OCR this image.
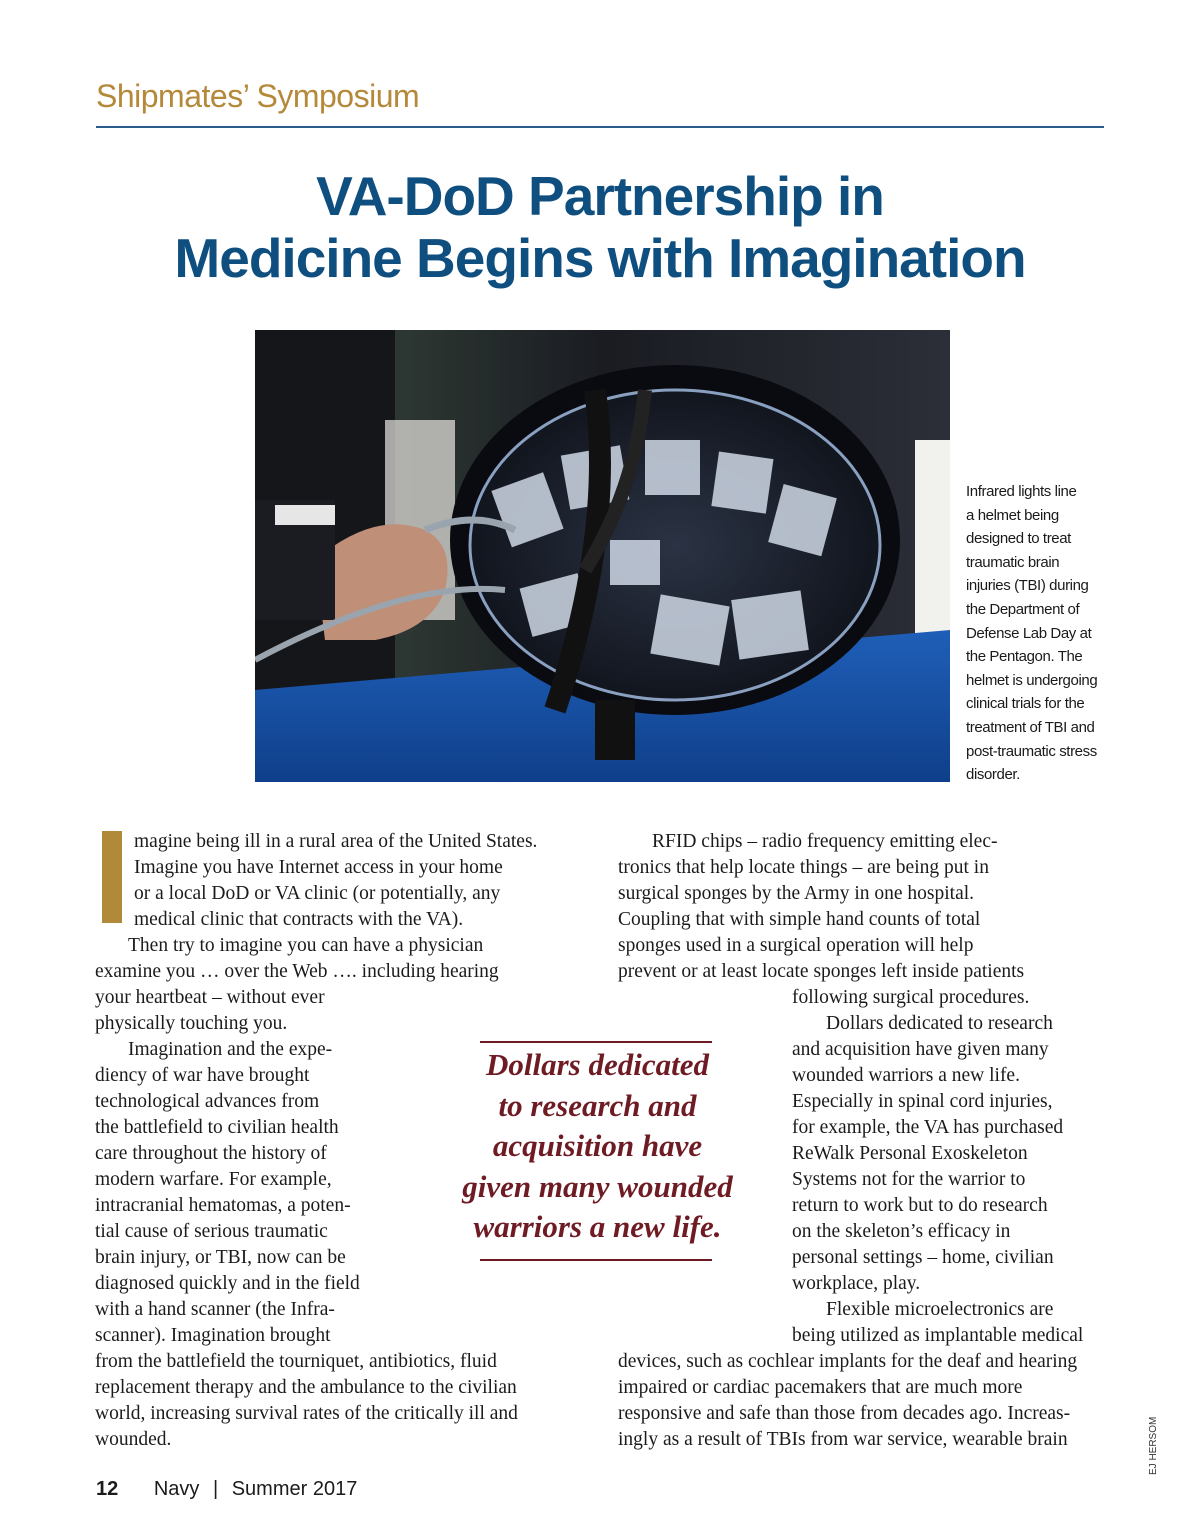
Shipmates’ Symposium
VA-DoD Partnership in
Medicine Begins with Imagination
Infrared lights line
a helmet being
designed to treat
traumatic brain
injuries (TBI) during
the Department of
Defense Lab Day at
the Pentagon. The
helmet is undergoing
clinical trials for the
treatment of TBI and
post-traumatic stress
disorder.
magine being ill in a rural area of the United States.
Imagine you have Internet access in your home
or a local DoD or VA clinic (or potentially, any
medical clinic that contracts with the VA).
Then try to imagine you can have a physician
examine you … over the Web …. including hearing
your heartbeat – without ever
physically touching you.
Imagination and the expe-
diency of war have brought
technological advances from
the battlefield to civilian health
care throughout the history of
modern warfare. For example,
intracranial hematomas, a poten-
tial cause of serious traumatic
brain injury, or TBI, now can be
diagnosed quickly and in the field
with a hand scanner (the Infra-
scanner). Imagination brought
from the battlefield the tourniquet, antibiotics, fluid
replacement therapy and the ambulance to the civilian
world, increasing survival rates of the critically ill and
wounded.
RFID chips – radio frequency emitting elec-
tronics that help locate things – are being put in
surgical sponges by the Army in one hospital.
Coupling that with simple hand counts of total
sponges used in a surgical operation will help
prevent or at least locate sponges left inside patients
following surgical procedures.
Dollars dedicated to research
and acquisition have given many
wounded warriors a new life.
Especially in spinal cord injuries,
for example, the VA has purchased
ReWalk Personal Exoskeleton
Systems not for the warrior to
return to work but to do research
on the skeleton’s efficacy in
personal settings – home, civilian
workplace, play.
Flexible microelectronics are
being utilized as implantable medical
devices, such as cochlear implants for the deaf and hearing
impaired or cardiac pacemakers that are much more
responsive and safe than those from decades ago. Increas-
ingly as a result of TBIs from war service, wearable brain
Dollars dedicated
to research and
acquisition have
given many wounded
warriors a new life.
EJ HERSOM
12 Navy | Summer 2017
